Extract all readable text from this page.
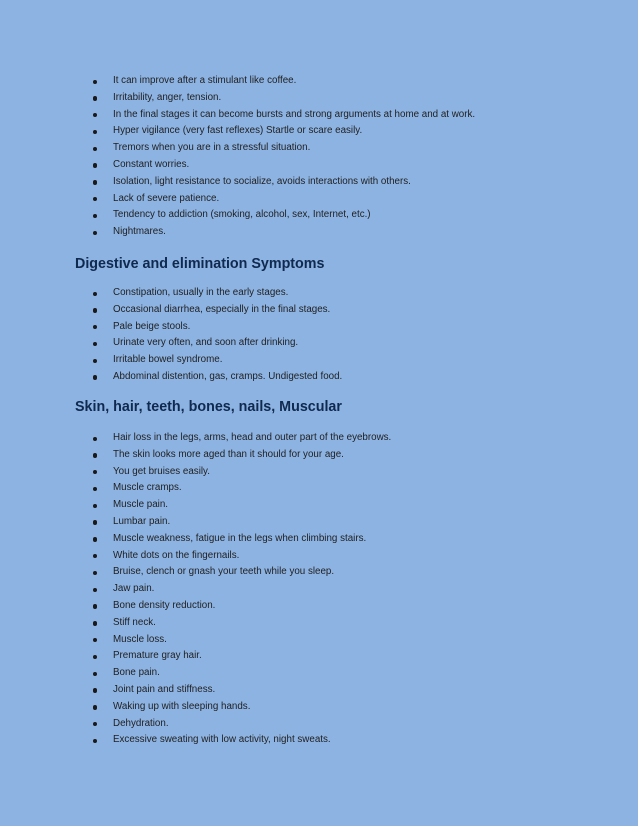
It can improve after a stimulant like coffee.
Irritability, anger, tension.
In the final stages it can become bursts and strong arguments at home and at work.
Hyper vigilance (very fast reflexes) Startle or scare easily.
Tremors when you are in a stressful situation.
Constant worries.
Isolation, light resistance to socialize, avoids interactions with others.
Lack of severe patience.
Tendency to addiction (smoking, alcohol, sex, Internet, etc.)
Nightmares.
Digestive and elimination Symptoms
Constipation, usually in the early stages.
Occasional diarrhea, especially in the final stages.
Pale beige stools.
Urinate very often, and soon after drinking.
Irritable bowel syndrome.
Abdominal distention, gas, cramps. Undigested food.
Skin, hair, teeth, bones, nails, Muscular
Hair loss in the legs, arms, head and outer part of the eyebrows.
The skin looks more aged than it should for your age.
You get bruises easily.
Muscle cramps.
Muscle pain.
Lumbar pain.
Muscle weakness, fatigue in the legs when climbing stairs.
White dots on the fingernails.
Bruise, clench or gnash your teeth while you sleep.
Jaw pain.
Bone density reduction.
Stiff neck.
Muscle loss.
Premature gray hair.
Bone pain.
Joint pain and stiffness.
Waking up with sleeping hands.
Dehydration.
Excessive sweating with low activity, night sweats.
